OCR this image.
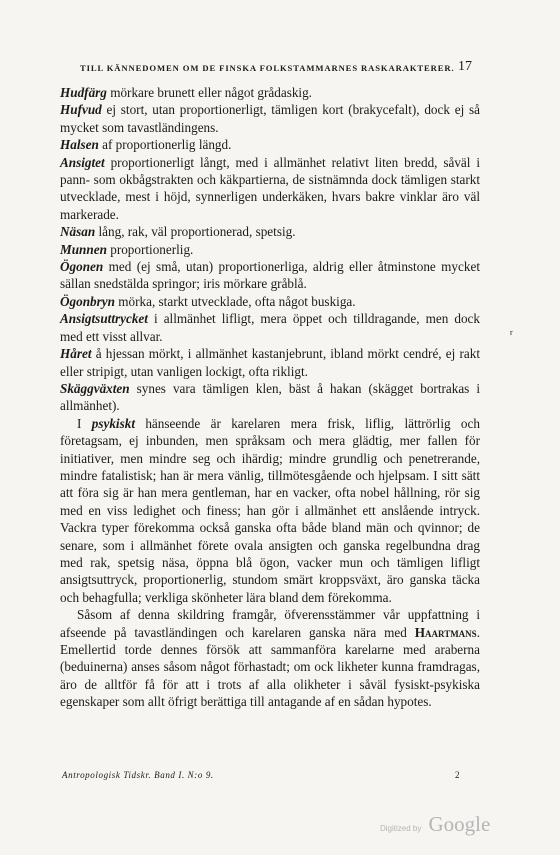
TILL KÄNNEDOMEN OM DE FINSKA FOLKSTAMMARNES RASKARAKTERER. 17

Hudfärg mörkare brunett eller något grådaskig.

Hufvud ej stort, utan proportionerligt, tämligen kort (brakycefalt), dock ej så mycket som tavastländingens.

Halsen af proportionerlig längd.

Ansigtet proportionerligt långt, med i allmänhet relativt liten bredd, såväl i pann- som okbågstrakten och käkpartierna, de sistnämnda dock tämligen starkt utvecklade, mest i höjd, synnerligen underkäken, hvars bakre vinklar äro väl markerade.

Näsan lång, rak, väl proportionerad, spetsig.

Munnen proportionerlig.

Ögonen med (ej små, utan) proportionerliga, aldrig eller åtminstone mycket sällan snedstälda springor; iris mörkare gråblå.

Ögonbryn mörka, starkt utvecklade, ofta något buskiga.

Ansigtsuttrycket i allmänhet lifligt, mera öppet och tilldragande, men dock med ett visst allvar.

Håret å hjessan mörkt, i allmänhet kastanjebrunt, ibland mörkt cendré, ej rakt eller stripigt, utan vanligen lockigt, ofta rikligt.

Skäggväxten synes vara tämligen klen, bäst å hakan (skägget bortrakas i allmänhet).

I psykiskt hänseende är karelaren mera frisk, liflig, lättrörlig och företagsam, ej inbunden, men språksam och mera glädtig, mer fallen för initiativer, men mindre seg och ihärdig; mindre grundlig och penetrerande, mindre fatalistisk; han är mera vänlig, tillmötesgående och hjelpsam. I sitt sätt att föra sig är han mera gentleman, har en vacker, ofta nobel hållning, rör sig med en viss ledighet och finess; han gör i allmänhet ett anslående intryck. Vackra typer förekomma också ganska ofta både bland män och qvinnor; de senare, som i allmänhet förete ovala ansigten och ganska regelbundna drag med rak, spetsig näsa, öppna blå ögon, vacker mun och tämligen lifligt ansigtsuttryck, proportionerlig, stundom smärt kroppsväxt, äro ganska täcka och behagfulla; verkliga skönheter lära bland dem förekomma.

Såsom af denna skildring framgår, öfverensstämmer vår uppfattning i afseende på tavastländingen och karelaren ganska nära med Haartmans. Emellertid torde dennes försök att sammanföra karelarne med araberna (beduinerna) anses såsom något förhastadt; om ock likheter kunna framdragas, äro de alltför få för att i trots af alla olikheter i såväl fysiskt-psykiska egenskaper som allt öfrigt berättiga till antagande af en sådan hypotes.

r
Antropologisk Tidskr. Band I. N:o 9.	2
Digitized by Google
